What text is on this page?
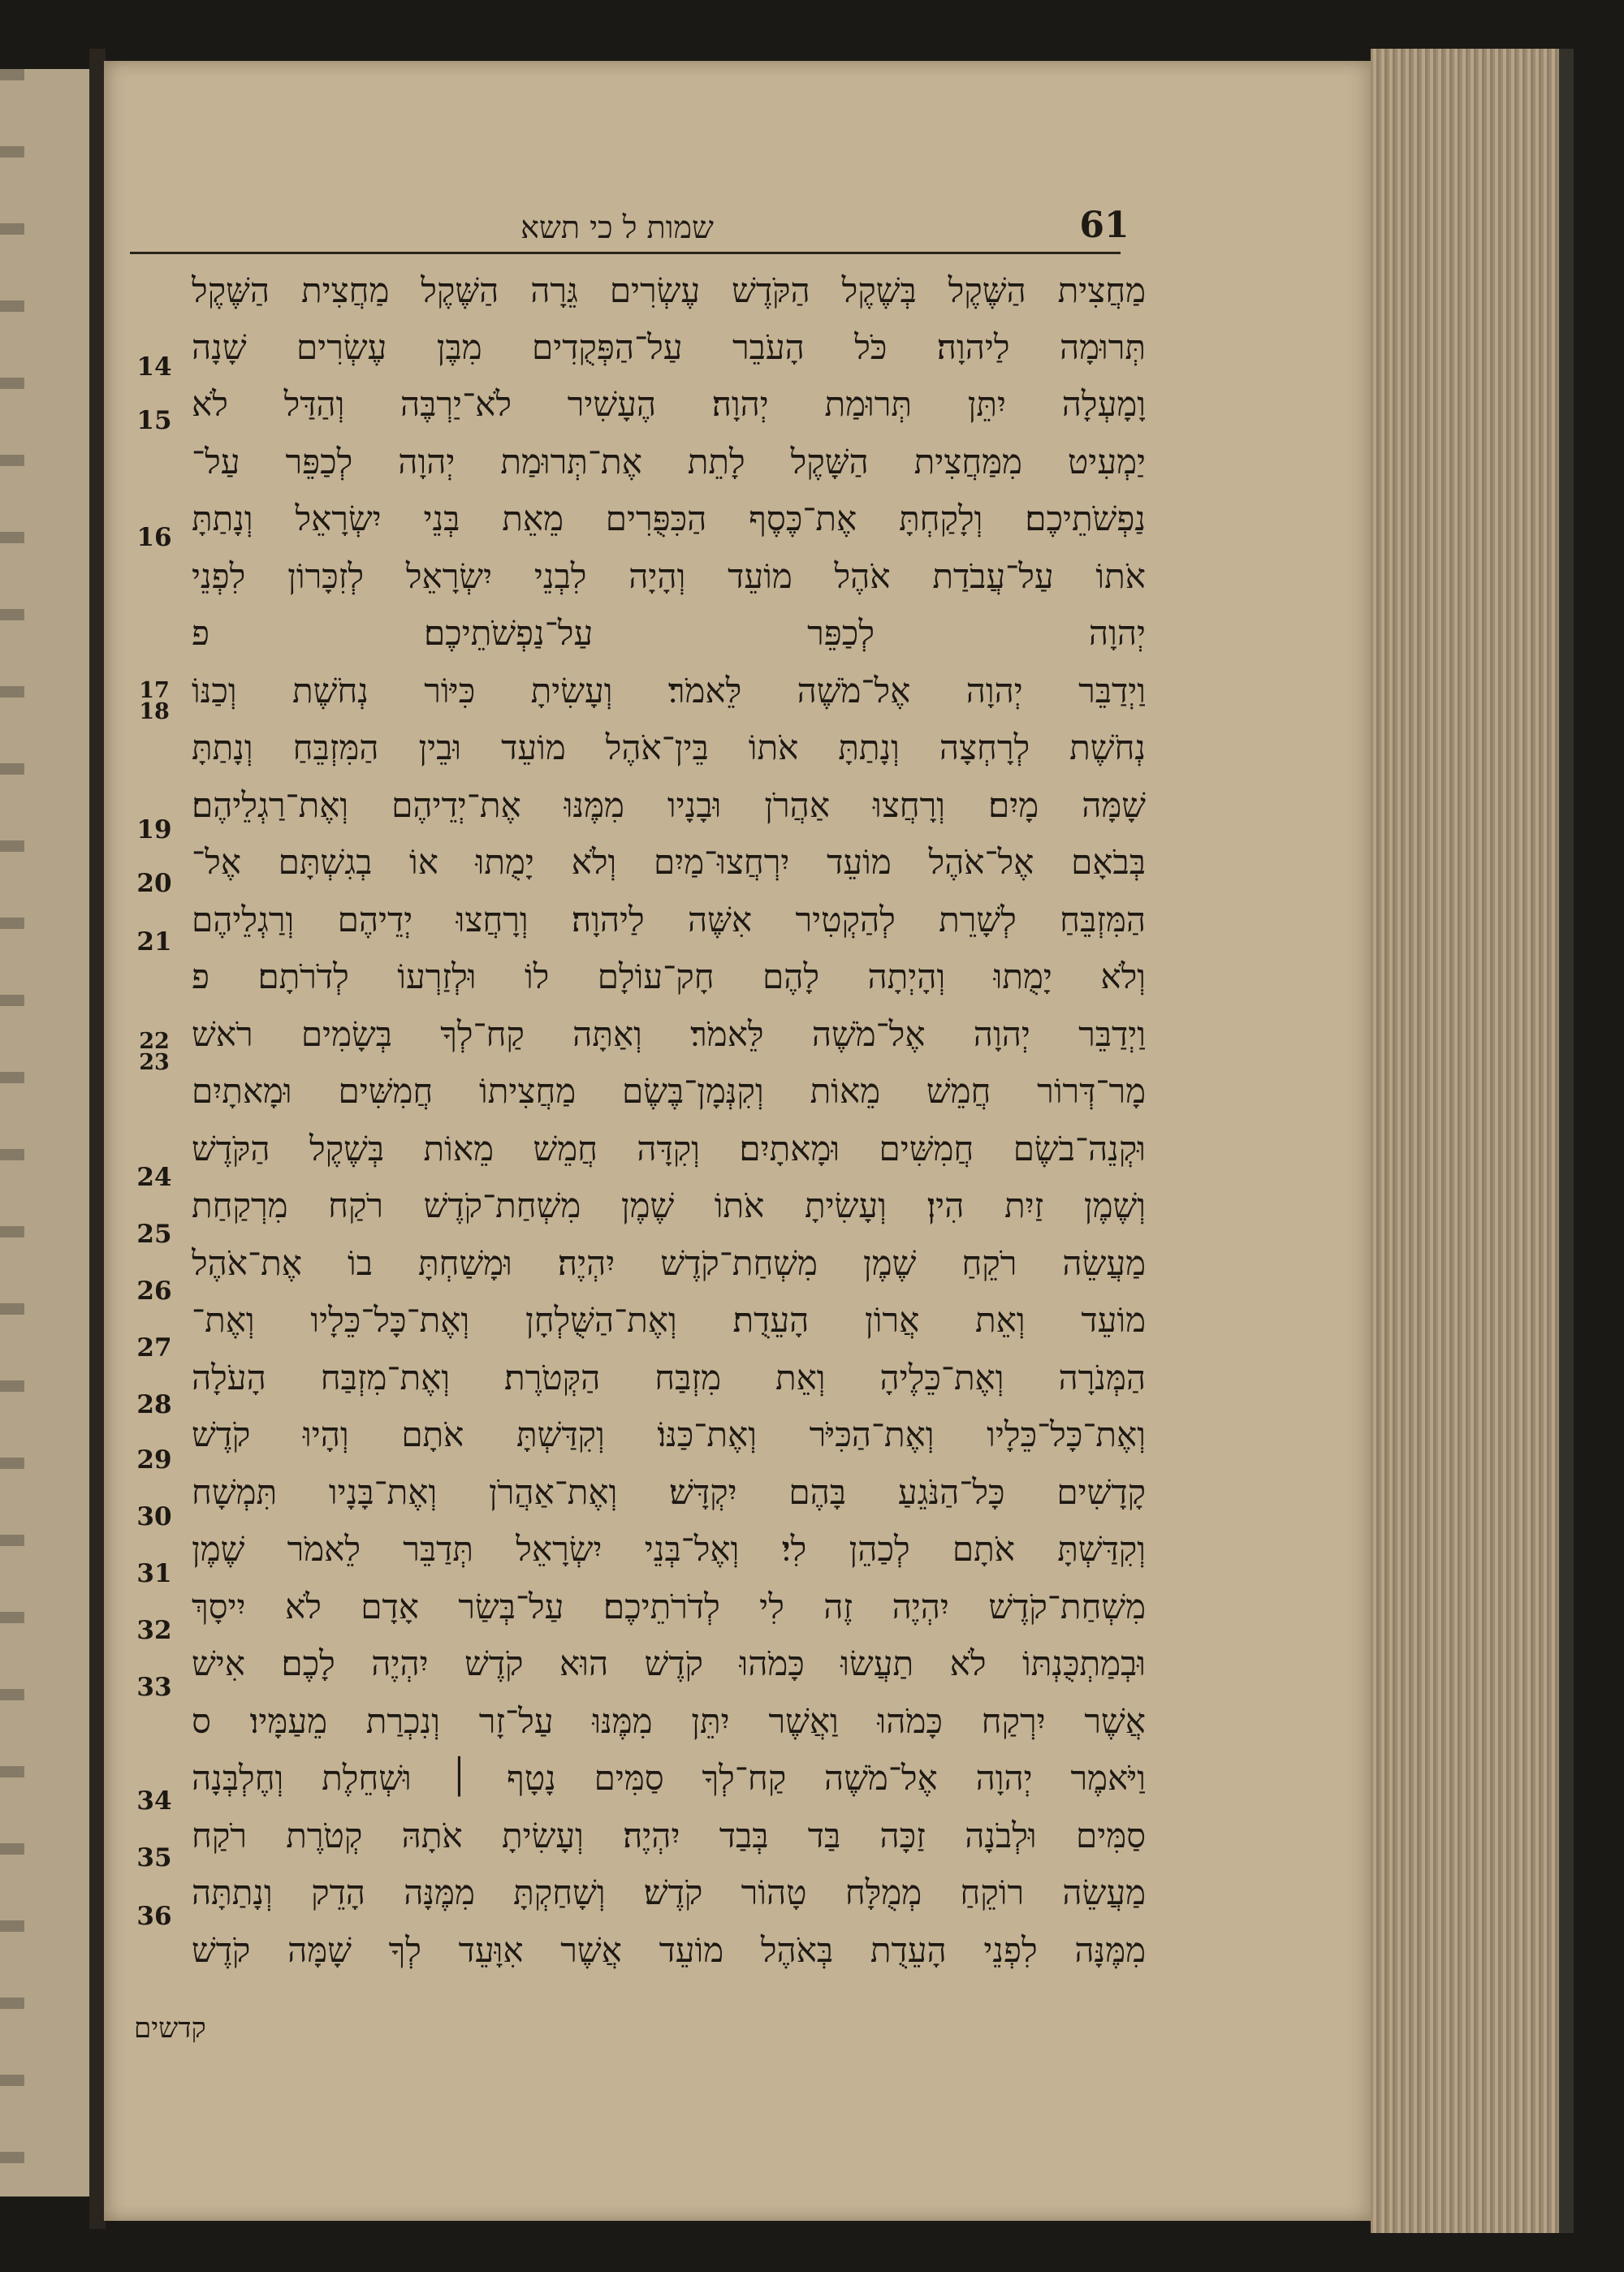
61
שמות ל כי תשא
14
15
16
17
18
19
20
21
22
23
24
25
26
27
28
29
30
31
32
33
34
35
36
מַחֲצִית הַשֶּׁקֶל בְּשֶׁקֶל הַקֹּדֶשׁ עֶשְׂרִים גֵּרָה הַשֶּׁקֶל מַחֲצִית הַשֶּׁקֶל
תְּרוּמָה לַיהוָה׃ כֹּל הָעֹבֵר עַל־הַפְּקֻדִים מִבֶּן עֶשְׂרִים שָׁנָה
וָמָעְלָה יִתֵּן תְּרוּמַת יְהוָה׃ הֶעָשִׁיר לֹא־יַרְבֶּה וְהַדַּל לֹא
יַמְעִיט מִמַּחֲצִית הַשָּׁקֶל לָתֵת אֶת־תְּרוּמַת יְהוָה לְכַפֵּר עַל־
נַפְשֹׁתֵיכֶם׃ וְלָקַחְתָּ אֶת־כֶּסֶף הַכִּפֻּרִים מֵאֵת בְּנֵי יִשְׂרָאֵל וְנָתַתָּ
אֹתוֹ עַל־עֲבֹדַת אֹהֶל מוֹעֵד וְהָיָה לִבְנֵי יִשְׂרָאֵל לְזִכָּרוֹן לִפְנֵי
יְהוָה לְכַפֵּר עַל־נַפְשֹׁתֵיכֶם׃ פ
וַיְדַבֵּר יְהוָה אֶל־מֹשֶׁה לֵּאמֹר׃ וְעָשִׂיתָ כִּיּוֹר נְחֹשֶׁת וְכַנּוֹ
נְחֹשֶׁת לְרָחְצָה וְנָתַתָּ אֹתוֹ בֵּין־אֹהֶל מוֹעֵד וּבֵין הַמִּזְבֵּחַ וְנָתַתָּ
שָׁמָּה מָיִם׃ וְרָחֲצוּ אַהֲרֹן וּבָנָיו מִמֶּנּוּ אֶת־יְדֵיהֶם וְאֶת־רַגְלֵיהֶם׃
בְּבֹאָם אֶל־אֹהֶל מוֹעֵד יִרְחֲצוּ־מַיִם וְלֹא יָמֻתוּ אוֹ בְגִשְׁתָּם אֶל־
הַמִּזְבֵּחַ לְשָׁרֵת לְהַקְטִיר אִשֶּׁה לַיהוָה׃ וְרָחֲצוּ יְדֵיהֶם וְרַגְלֵיהֶם
וְלֹא יָמֻתוּ וְהָיְתָה לָהֶם חָק־עוֹלָם לוֹ וּלְזַרְעוֹ לְדֹרֹתָם׃ פ
וַיְדַבֵּר יְהוָה אֶל־מֹשֶׁה לֵּאמֹר׃ וְאַתָּה קַח־לְךָ בְּשָׂמִים רֹאשׁ
מָר־דְּרוֹר חֲמֵשׁ מֵאוֹת וְקִנְּמָן־בֶּשֶׂם מַחֲצִיתוֹ חֲמִשִּׁים וּמָאתָיִם
וּקְנֵה־בֹשֶׂם חֲמִשִּׁים וּמָאתָיִם׃ וְקִדָּה חֲמֵשׁ מֵאוֹת בְּשֶׁקֶל הַקֹּדֶשׁ
וְשֶׁמֶן זַיִת הִין׃ וְעָשִׂיתָ אֹתוֹ שֶׁמֶן מִשְׁחַת־קֹדֶשׁ רֹקַח מִרְקַחַת
מַעֲשֵׂה רֹקֵחַ שֶׁמֶן מִשְׁחַת־קֹדֶשׁ יִהְיֶה׃ וּמָשַׁחְתָּ בוֹ אֶת־אֹהֶל
מוֹעֵד וְאֵת אֲרוֹן הָעֵדֻת׃ וְאֶת־הַשֻּׁלְחָן וְאֶת־כָּל־כֵּלָיו וְאֶת־
הַמְּנֹרָה וְאֶת־כֵּלֶיהָ וְאֵת מִזְבַּח הַקְּטֹרֶת׃ וְאֶת־מִזְבַּח הָעֹלָה
וְאֶת־כָּל־כֵּלָיו וְאֶת־הַכִּיֹּר וְאֶת־כַּנּוֹ׃ וְקִדַּשְׁתָּ אֹתָם וְהָיוּ קֹדֶשׁ
קָדָשִׁים כָּל־הַנֹּגֵעַ בָּהֶם יִקְדָּשׁ׃ וְאֶת־אַהֲרֹן וְאֶת־בָּנָיו תִּמְשָׁח
וְקִדַּשְׁתָּ אֹתָם לְכַהֵן לִי׃ וְאֶל־בְּנֵי יִשְׂרָאֵל תְּדַבֵּר לֵאמֹר שֶׁמֶן
מִשְׁחַת־קֹדֶשׁ יִהְיֶה זֶה לִי לְדֹרֹתֵיכֶם׃ עַל־בְּשַׂר אָדָם לֹא יִיסָךְ
וּבְמַתְכֻּנְתּוֹ לֹא תַעֲשׂוּ כָּמֹהוּ קֹדֶשׁ הוּא קֹדֶשׁ יִהְיֶה לָכֶם׃ אִישׁ
אֲשֶׁר יִרְקַח כָּמֹהוּ וַאֲשֶׁר יִתֵּן מִמֶּנּוּ עַל־זָר וְנִכְרַת מֵעַמָּיו׃ ס
וַיֹּאמֶר יְהוָה אֶל־מֹשֶׁה קַח־לְךָ סַמִּים נָטָף ׀ וּשְׁחֵלֶת וְחֶלְבְּנָה
סַמִּים וּלְבֹנָה זַכָּה בַּד בְּבַד יִהְיֶה׃ וְעָשִׂיתָ אֹתָהּ קְטֹרֶת רֹקַח
מַעֲשֵׂה רוֹקֵחַ מְמֻלָּח טָהוֹר קֹדֶשׁ׃ וְשָׁחַקְתָּ מִמֶּנָּה הָדֵק וְנָתַתָּה
מִמֶּנָּה לִפְנֵי הָעֵדֻת בְּאֹהֶל מוֹעֵד אֲשֶׁר אִוָּעֵד לְךָ שָׁמָּה קֹדֶשׁ
קדשים
